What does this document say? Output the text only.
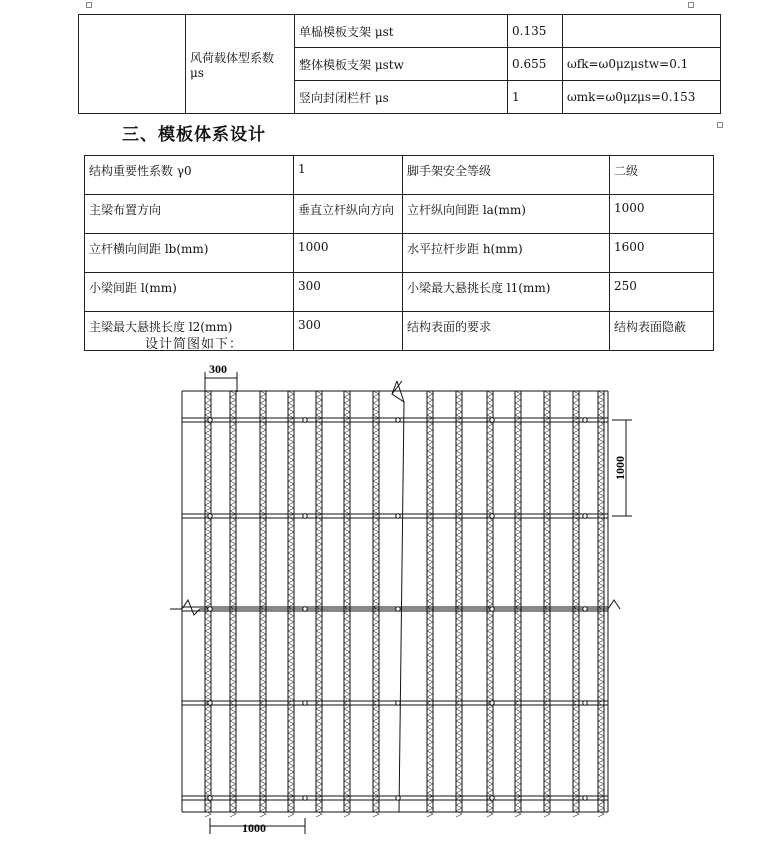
	风荷载体型系数 μs	单榀模板支架 μst	0.135	
		整体模板支架 μstw	0.655	ωfk=ω0μzμstw=0.1
		竖向封闭栏杆 μs	1	ωmk=ω0μzμs=0.153
三、模板体系设计
结构重要性系数 γ0	1	脚手架安全等级	二级
主梁布置方向	垂直立杆纵向方向	立杆纵向间距 la(mm)	1000
立杆横向间距 lb(mm)	1000	水平拉杆步距 h(mm)	1600
小梁间距 l(mm)	300	小梁最大悬挑长度 l1(mm)	250
主梁最大悬挑长度 l2(mm)	300	结构表面的要求	结构表面隐蔽
设计简图如下：
300
1000
1000
